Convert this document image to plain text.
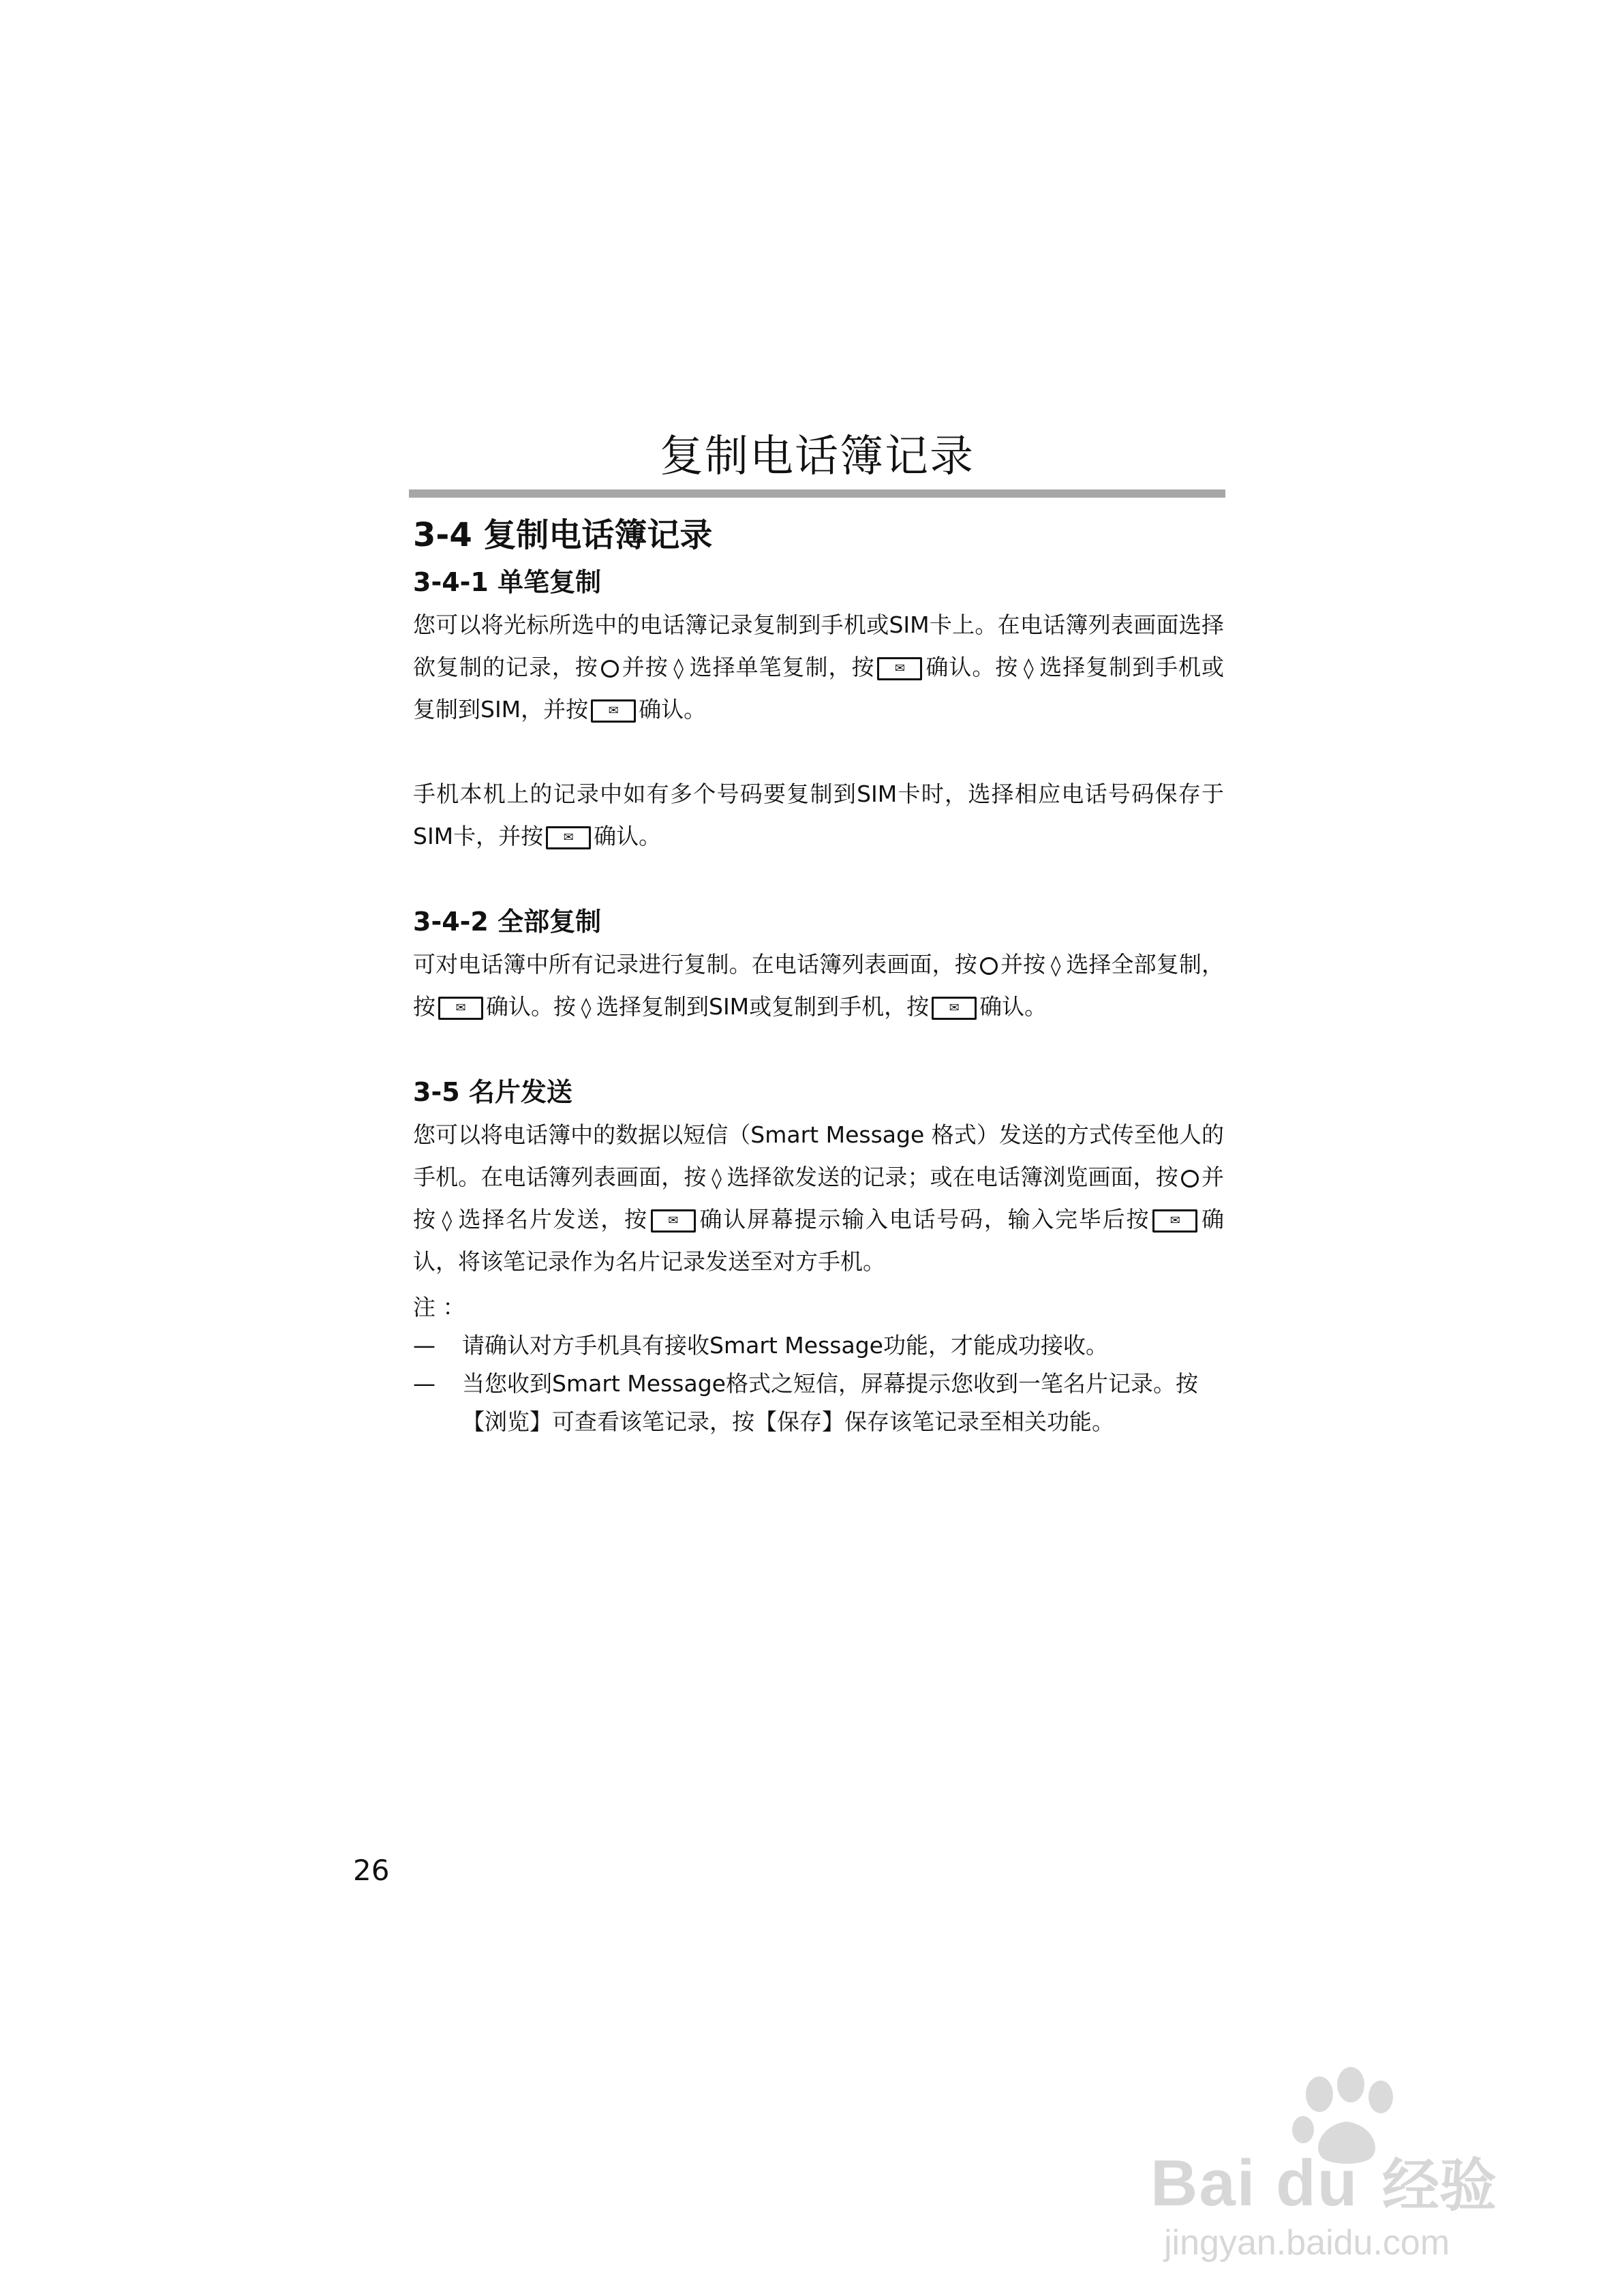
复制电话簿记录
3-4 复制电话簿记录
3-4-1 单笔复制

您可以将光标所选中的电话簿记录复制到手机或SIM卡上。在电话簿列表画面选择欲复制的记录，按 并按 ◊ 选择单笔复制，按 ✉ 确认。按 ◊ 选择复制到手机或复制到SIM，并按 ✉ 确认。

手机本机上的记录中如有多个号码要复制到SIM卡时，选择相应电话号码保存于SIM卡，并按 ✉ 确认。

3-4-2 全部复制

可对电话簿中所有记录进行复制。在电话簿列表画面，按 并按 ◊ 选择全部复制，按 ✉ 确认。按 ◊ 选择复制到SIM或复制到手机，按 ✉ 确认。

3-5 名片发送

您可以将电话簿中的数据以短信（Smart Message 格式）发送的方式传至他人的手机。在电话簿列表画面，按 ◊ 选择欲发送的记录；或在电话簿浏览画面，按 并按 ◊ 选择名片发送，按 ✉ 确认屏幕提示输入电话号码，输入完毕后按 ✉ 确认，将该笔记录作为名片记录发送至对方手机。

注 ：

—	请确认对方手机具有接收Smart Message功能，才能成功接收。
—	当您收到Smart Message格式之短信，屏幕提示您收到一笔名片记录。按【浏览】可查看该笔记录，按【保存】保存该笔记录至相关功能。
26
Bai du 经验
jingyan.baidu.com
